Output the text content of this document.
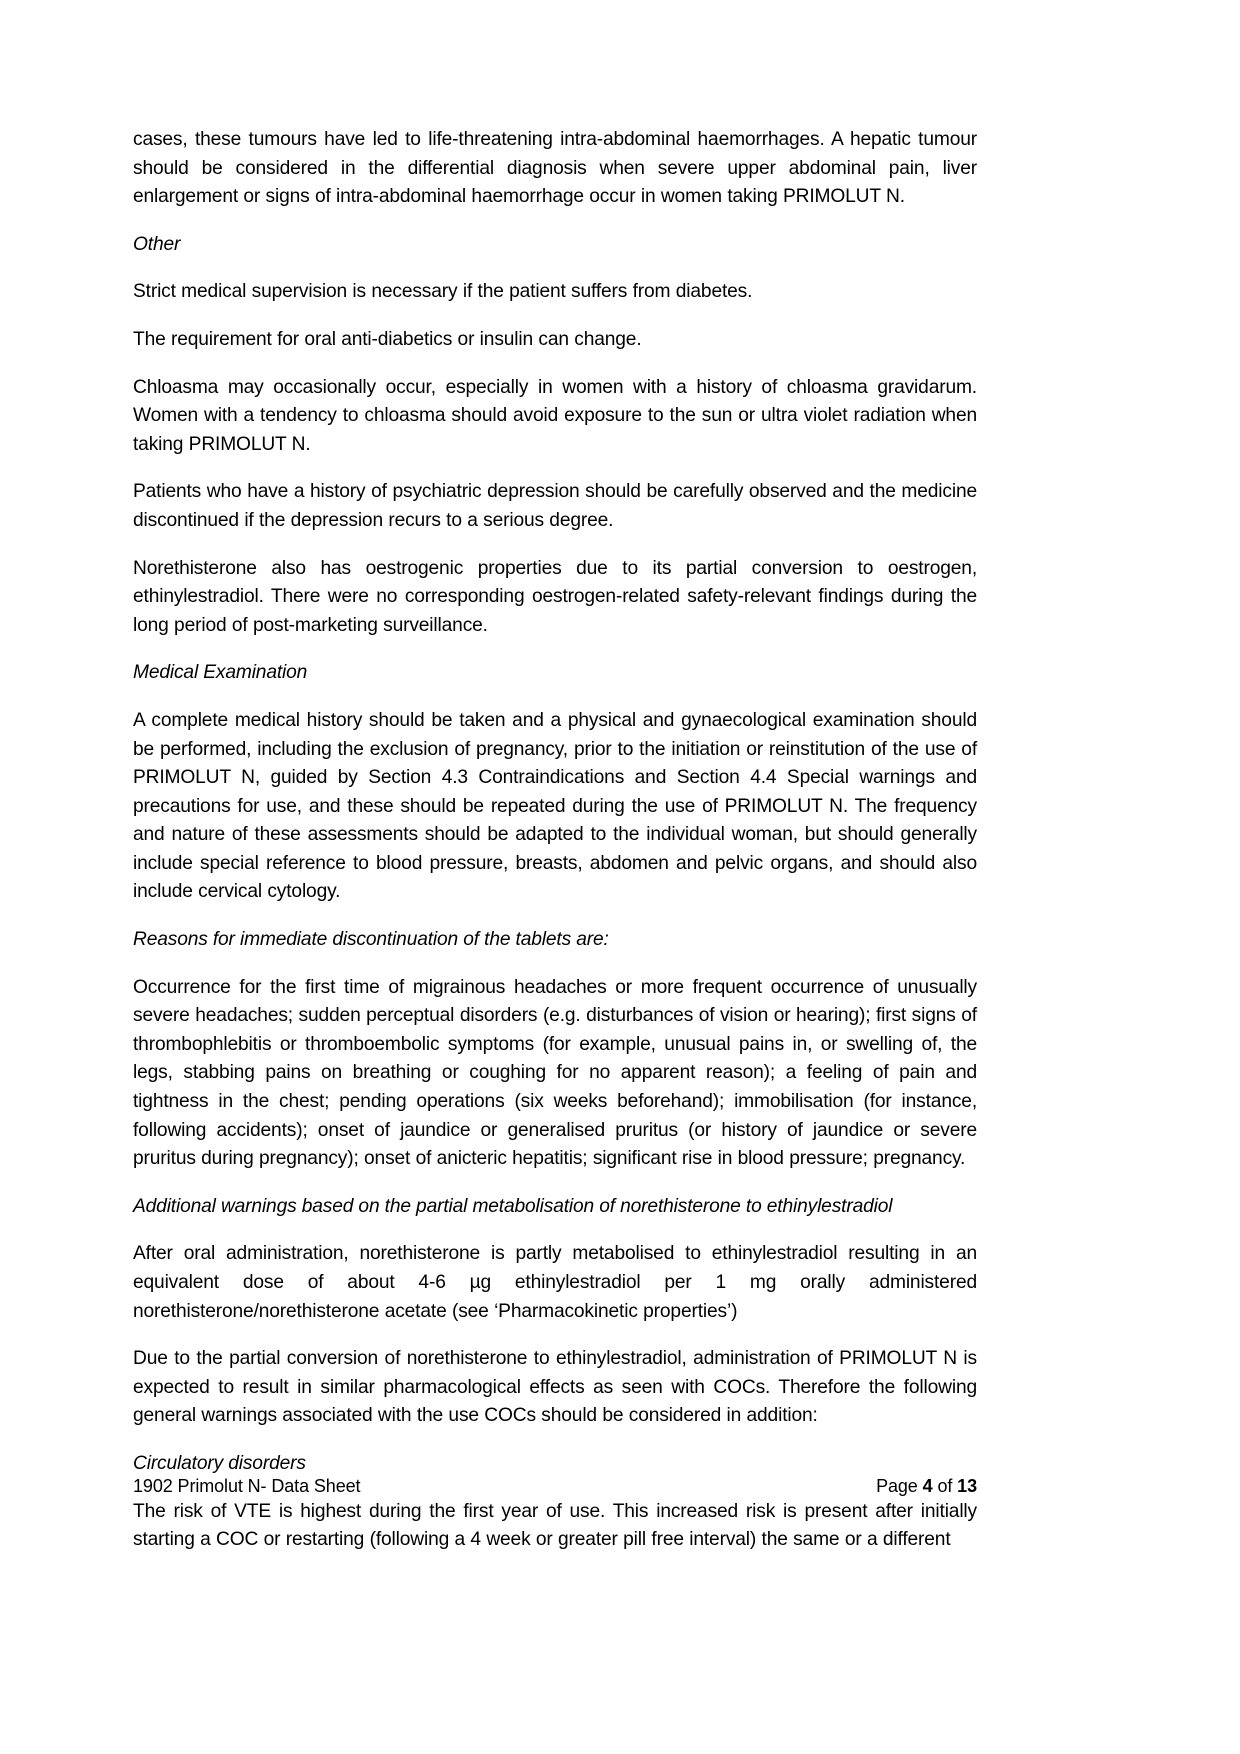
cases, these tumours have led to life-threatening intra-abdominal haemorrhages. A hepatic tumour should be considered in the differential diagnosis when severe upper abdominal pain, liver enlargement or signs of intra-abdominal haemorrhage occur in women taking PRIMOLUT N.

Other

Strict medical supervision is necessary if the patient suffers from diabetes.

The requirement for oral anti-diabetics or insulin can change.

Chloasma may occasionally occur, especially in women with a history of chloasma gravidarum. Women with a tendency to chloasma should avoid exposure to the sun or ultra violet radiation when taking PRIMOLUT N.

Patients who have a history of psychiatric depression should be carefully observed and the medicine discontinued if the depression recurs to a serious degree.

Norethisterone also has oestrogenic properties due to its partial conversion to oestrogen, ethinylestradiol. There were no corresponding oestrogen-related safety-relevant findings during the long period of post-marketing surveillance.

Medical Examination

A complete medical history should be taken and a physical and gynaecological examination should be performed, including the exclusion of pregnancy, prior to the initiation or reinstitution of the use of PRIMOLUT N, guided by Section 4.3 Contraindications and Section 4.4 Special warnings and precautions for use, and these should be repeated during the use of PRIMOLUT N. The frequency and nature of these assessments should be adapted to the individual woman, but should generally include special reference to blood pressure, breasts, abdomen and pelvic organs, and should also include cervical cytology.

Reasons for immediate discontinuation of the tablets are:

Occurrence for the first time of migrainous headaches or more frequent occurrence of unusually severe headaches; sudden perceptual disorders (e.g. disturbances of vision or hearing); first signs of thrombophlebitis or thromboembolic symptoms (for example, unusual pains in, or swelling of, the legs, stabbing pains on breathing or coughing for no apparent reason); a feeling of pain and tightness in the chest; pending operations (six weeks beforehand); immobilisation (for instance, following accidents); onset of jaundice or generalised pruritus (or history of jaundice or severe pruritus during pregnancy); onset of anicteric hepatitis; significant rise in blood pressure; pregnancy.

Additional warnings based on the partial metabolisation of norethisterone to ethinylestradiol

After oral administration, norethisterone is partly metabolised to ethinylestradiol resulting in an equivalent dose of about 4-6 µg ethinylestradiol per 1 mg orally administered norethisterone/norethisterone acetate (see ‘Pharmacokinetic properties’)

Due to the partial conversion of norethisterone to ethinylestradiol, administration of PRIMOLUT N is expected to result in similar pharmacological effects as seen with COCs. Therefore the following general warnings associated with the use COCs should be considered in addition:

Circulatory disorders

The risk of VTE is highest during the first year of use. This increased risk is present after initially starting a COC or restarting (following a 4 week or greater pill free interval) the same or a different

1902 Primolut N- Data Sheet	Page 4 of 13
